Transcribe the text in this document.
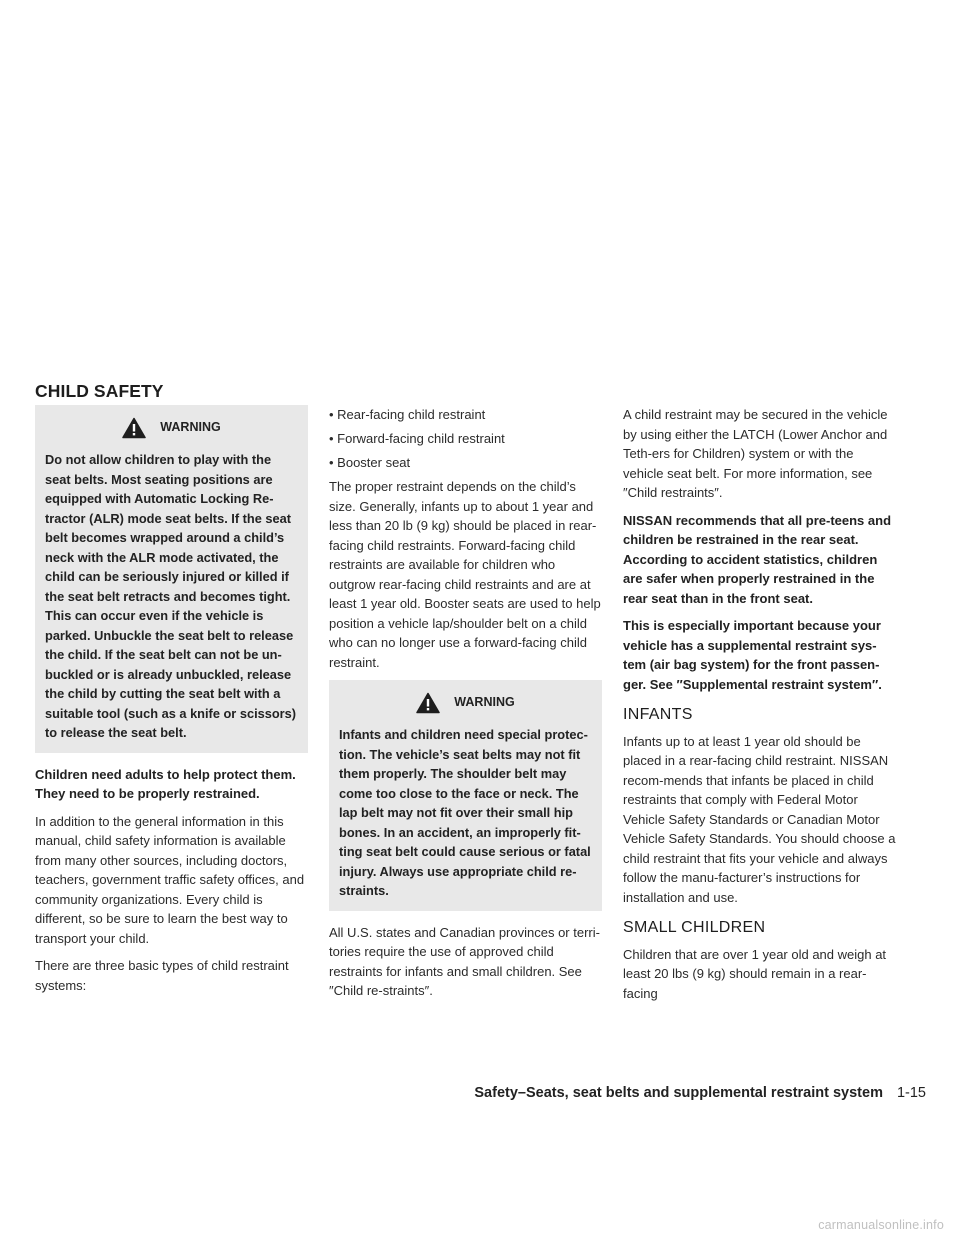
CHILD SAFETY
WARNING
Do not allow children to play with the seat belts. Most seating positions are equipped with Automatic Locking Re-tractor (ALR) mode seat belts. If the seat belt becomes wrapped around a child’s neck with the ALR mode activated, the child can be seriously injured or killed if the seat belt retracts and becomes tight. This can occur even if the vehicle is parked. Unbuckle the seat belt to release the child. If the seat belt can not be un-buckled or is already unbuckled, release the child by cutting the seat belt with a suitable tool (such as a knife or scissors) to release the seat belt.

Children need adults to help protect them. They need to be properly restrained.

In addition to the general information in this manual, child safety information is available from many other sources, including doctors, teachers, government traffic safety offices, and community organizations. Every child is different, so be sure to learn the best way to transport your child.

There are three basic types of child restraint systems:

• Rear-facing child restraint

• Forward-facing child restraint

• Booster seat

The proper restraint depends on the child’s size. Generally, infants up to about 1 year and less than 20 lb (9 kg) should be placed in rear-facing child restraints. Forward-facing child restraints are available for children who outgrow rear-facing child restraints and are at least 1 year old. Booster seats are used to help position a vehicle lap/shoulder belt on a child who can no longer use a forward-facing child restraint.

WARNING
Infants and children need special protec-tion. The vehicle’s seat belts may not fit them properly. The shoulder belt may come too close to the face or neck. The lap belt may not fit over their small hip bones. In an accident, an improperly fit-ting seat belt could cause serious or fatal injury. Always use appropriate child re-straints.

All U.S. states and Canadian provinces or terri-tories require the use of approved child restraints for infants and small children. See ″Child re-straints″.

A child restraint may be secured in the vehicle by using either the LATCH (Lower Anchor and Teth-ers for Children) system or with the vehicle seat belt. For more information, see ″Child restraints″.

NISSAN recommends that all pre-teens and children be restrained in the rear seat. According to accident statistics, children are safer when properly restrained in the rear seat than in the front seat.

This is especially important because your vehicle has a supplemental restraint sys-tem (air bag system) for the front passen-ger. See ″Supplemental restraint system″.

INFANTS

Infants up to at least 1 year old should be placed in a rear-facing child restraint. NISSAN recom-mends that infants be placed in child restraints that comply with Federal Motor Vehicle Safety Standards or Canadian Motor Vehicle Safety Standards. You should choose a child restraint that fits your vehicle and always follow the manu-facturer’s instructions for installation and use.

SMALL CHILDREN

Children that are over 1 year old and weigh at least 20 lbs (9 kg) should remain in a rear-facing

Safety–Seats, seat belts and supplemental restraint system 1-15
carmanualsonline.info
